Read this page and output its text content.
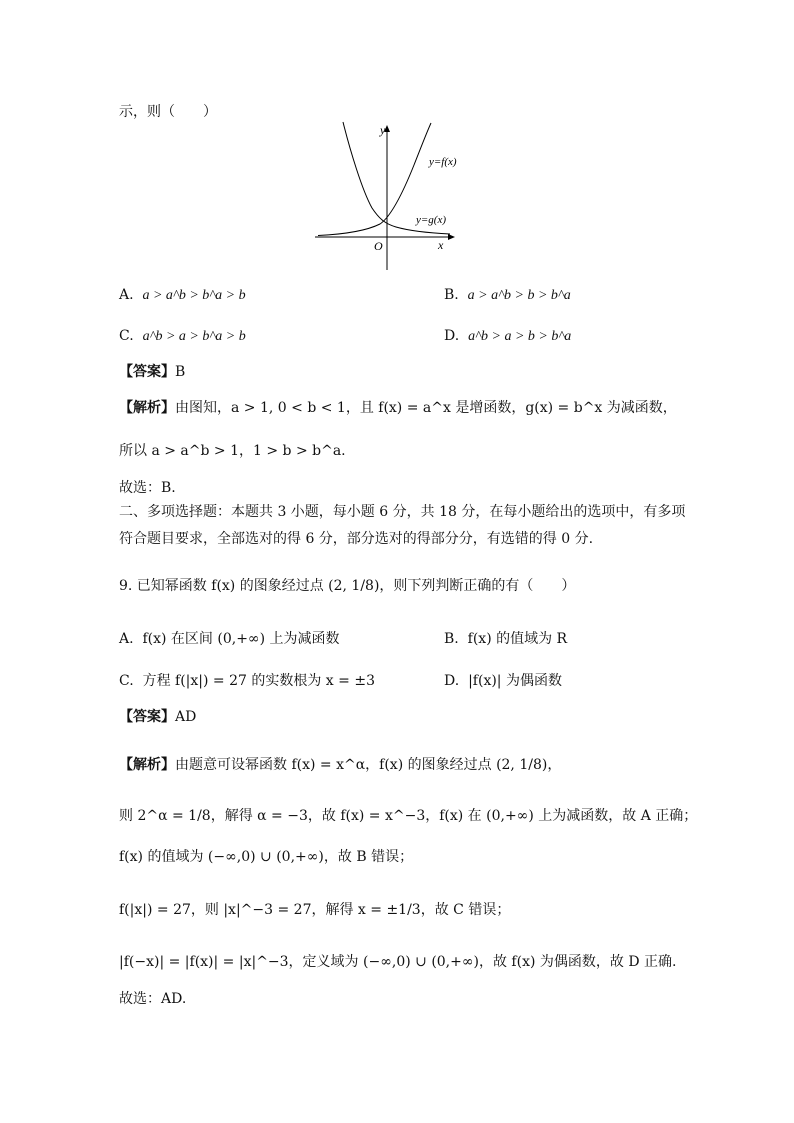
示，则（　　）
y
x
O
y=f(x)
y=g(x)
A. a > a^b > b^a > b	B. a > a^b > b > b^a
C. a^b > a > b^a > b	D. a^b > a > b > b^a
【答案】B
【解析】由图知，a > 1, 0 < b < 1，且 f(x) = a^x 是增函数，g(x) = b^x 为减函数，
所以 a > a^b > 1，1 > b > b^a.
故选：B.
二、多项选择题：本题共 3 小题，每小题 6 分，共 18 分，在每小题给出的选项中，有多项
符合题目要求，全部选对的得 6 分，部分选对的得部分分，有选错的得 0 分.
9. 已知幂函数 f(x) 的图象经过点 (2, 1/8)，则下列判断正确的有（　　）
A. f(x) 在区间 (0,+∞) 上为减函数	B. f(x) 的值域为 R
C. 方程 f(|x|) = 27 的实数根为 x = ±3	D. |f(x)| 为偶函数
【答案】AD
【解析】由题意可设幂函数 f(x) = x^α，f(x) 的图象经过点 (2, 1/8)，
则 2^α = 1/8，解得 α = −3，故 f(x) = x^−3，f(x) 在 (0,+∞) 上为减函数，故 A 正确；
f(x) 的值域为 (−∞,0) ∪ (0,+∞)，故 B 错误；
f(|x|) = 27，则 |x|^−3 = 27，解得 x = ±1/3，故 C 错误；
|f(−x)| = |f(x)| = |x|^−3，定义域为 (−∞,0) ∪ (0,+∞)，故 f(x) 为偶函数，故 D 正确.
故选：AD.
